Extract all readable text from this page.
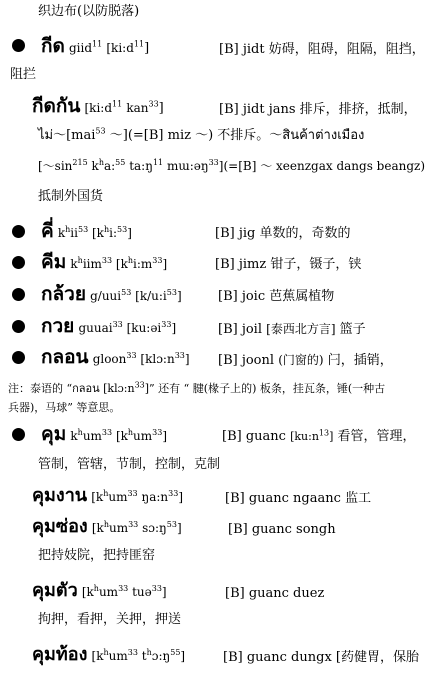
织边布(以防脱落)
กีด giid$^{11}$ $[ki:d^{11}]$	[B] jidt 妨碍，阻碍，阻隔，阻挡，
阻拦
กีดกัน [$ki:d^{11}$ kan$^{33}$]	[B] jidt jans 排斥，排挤，抵制，
ไม่～[mai$^{53}$ ～](=[B] miz ～) 不排斥。～สินค้าต่างเมือง
[$\sim\sin^{215}$ $k^ha:^{55}$ $ta:ŋ^{11}$ mɯ:əŋ$^{33}$](=[B] ～ xeenzgax dangs beangz)
抵制外国货
คี่ $k^hii^{53}$ $[k^hi:^{53}]$	[B] jig 单数的，奇数的
คีม $k^hiim^{33}$ $[k^hi:m^{33}]$	[B] jimz 钳子，镊子，铗
กล้วย g/uui$^{53}$ $[k/u:i^{53}]$	[B] joic 芭蕉属植物
กวย guuai$^{33}$ [ku:əi$^{33}$]	[B] joil [泰西北方言] 篮子
กลอน gloon$^{33}$ $[klɔ:n^{33}]$ [B] joonl (门窗的) 闩，插销，
注：泰语的 “กลอน $[klɔ:n^{33}]$” 还有 “ 腱(椽子上的) 板条，挂瓦条，锤(一种古
兵器)，马球” 等意思。
คุม $k^hum^{33}$ $[k^hum^{33}]$	[B] guanc $[ku:n^{13}]$ 看管，管理，
管制，管辖，节制，控制，克制
คุมงาน [$k^hum^{33}$ $ŋa:n^{33}$]	[B] guanc ngaanc 监工
คุมซ่อง [$k^hum^{33}$ $sɔ:ŋ^{53}$]	[B] guanc songh
把持妓院，把持匪窑
คุมตัว [$k^hum^{33}$ tuə$^{33}$]	[B] guanc duez
拘押，看押，关押，押送
คุมท้อง [$k^hum^{33}$ $t^hɔ:ŋ^{55}$]	[B] guanc dungx [药健胃，保胎
